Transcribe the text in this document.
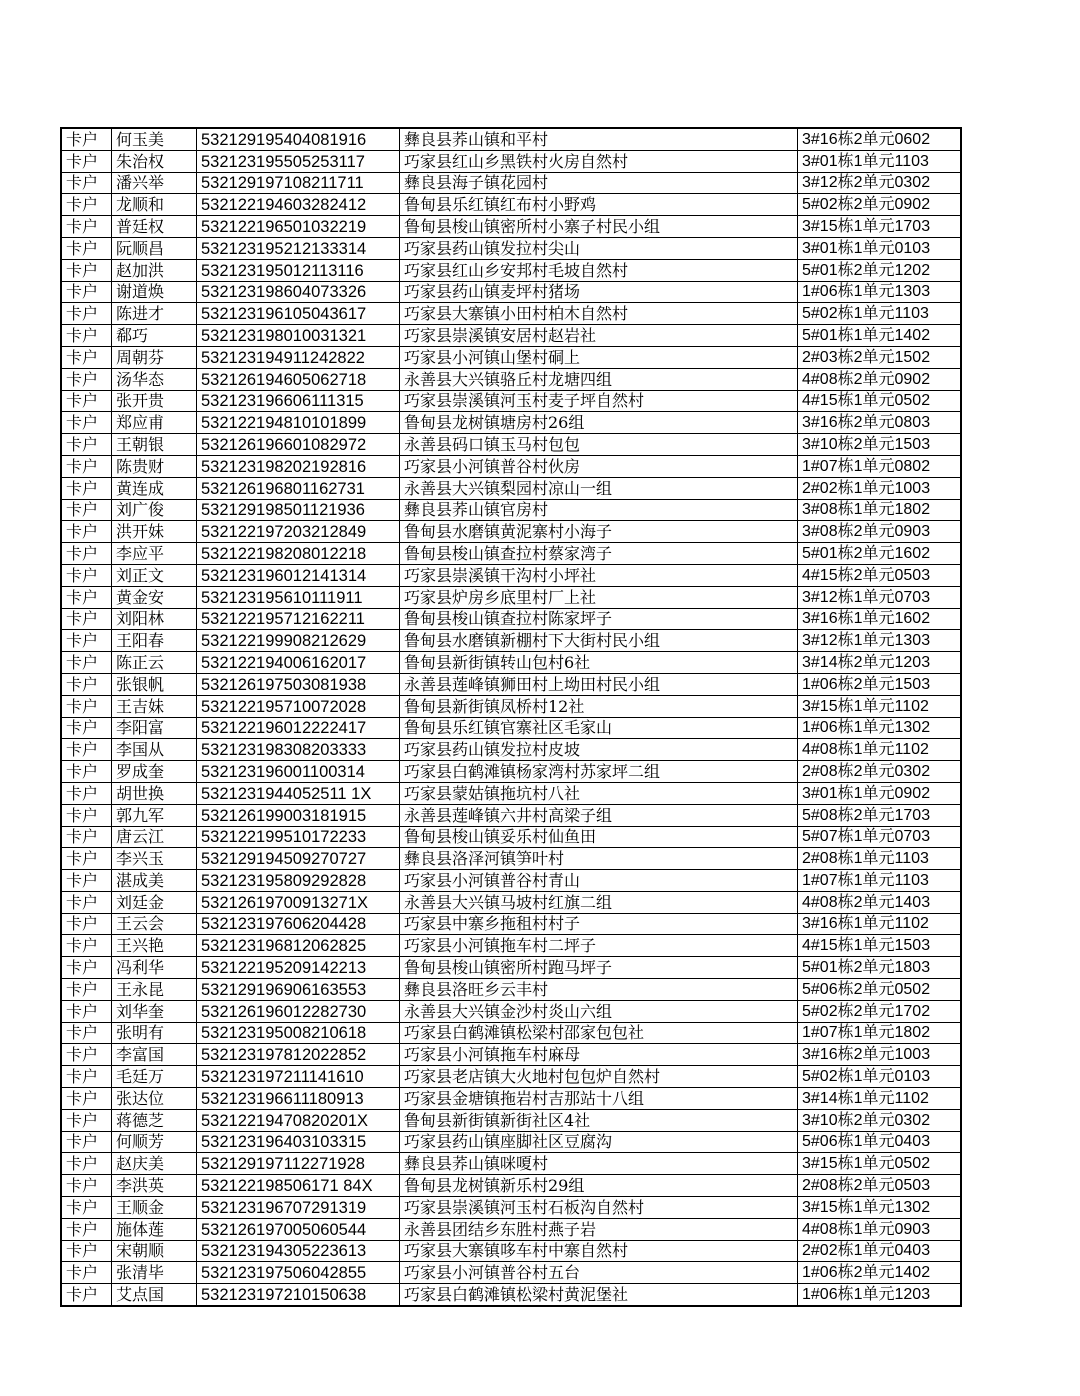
卡户	何玉美	532129195404081916	彝良县荞山镇和平村	3#16栋2单元0602
卡户	朱治权	532123195505253117	巧家县红山乡黑铁村火房自然村	3#01栋1单元1103
卡户	潘兴举	532129197108211711	彝良县海子镇花园村	3#12栋2单元0302
卡户	龙顺和	532122194603282412	鲁甸县乐红镇红布村小野鸡	5#02栋2单元0902
卡户	普廷权	532122196501032219	鲁甸县梭山镇密所村小寨子村民小组	3#15栋1单元1703
卡户	阮顺昌	532123195212133314	巧家县药山镇发拉村尖山	3#01栋1单元0103
卡户	赵加洪	532123195012113116	巧家县红山乡安邦村毛坡自然村	5#01栋2单元1202
卡户	谢道焕	532123198604073326	巧家县药山镇麦坪村猪场	1#06栋1单元1303
卡户	陈进才	532123196105043617	巧家县大寨镇小田村柏木自然村	5#02栋1单元1103
卡户	郗巧	532123198010031321	巧家县崇溪镇安居村赵岩社	5#01栋1单元1402
卡户	周朝芬	532123194911242822	巧家县小河镇山堡村硐上	2#03栋2单元1502
卡户	汤华态	532126194605062718	永善县大兴镇骆丘村龙塘四组	4#08栋2单元0902
卡户	张开贵	532123196606111315	巧家县崇溪镇河玉村麦子坪自然村	4#15栋1单元0502
卡户	郑应甫	532122194810101899	鲁甸县龙树镇塘房村26组	3#16栋2单元0803
卡户	王朝银	532126196601082972	永善县码口镇玉马村包包	3#10栋2单元1503
卡户	陈贵财	532123198202192816	巧家县小河镇普谷村伙房	1#07栋1单元0802
卡户	黄连成	532126196801162731	永善县大兴镇梨园村凉山一组	2#02栋1单元1003
卡户	刘广俊	532129198501121936	彝良县荞山镇官房村	3#08栋1单元1802
卡户	洪开妹	532122197203212849	鲁甸县水磨镇黄泥寨村小海子	3#08栋2单元0903
卡户	李应平	532122198208012218	鲁甸县梭山镇查拉村蔡家湾子	5#01栋2单元1602
卡户	刘正文	532123196012141314	巧家县崇溪镇干沟村小坪社	4#15栋2单元0503
卡户	黄金安	532123195610111911	巧家县炉房乡底里村厂上社	3#12栋1单元0703
卡户	刘阳林	532122195712162211	鲁甸县梭山镇查拉村陈家坪子	3#16栋1单元1602
卡户	王阳春	532122199908212629	鲁甸县水磨镇新棚村下大街村民小组	3#12栋1单元1303
卡户	陈正云	532122194006162017	鲁甸县新街镇转山包村6社	3#14栋2单元1203
卡户	张银帆	532126197503081938	永善县莲峰镇狮田村上坳田村民小组	1#06栋2单元1503
卡户	王吉妹	532122195710072028	鲁甸县新街镇凤桥村12社	3#15栋1单元1102
卡户	李阳富	532122196012222417	鲁甸县乐红镇官寨社区毛家山	1#06栋1单元1302
卡户	李国从	532123198308203333	巧家县药山镇发拉村皮坡	4#08栋1单元1102
卡户	罗成奎	532123196001100314	巧家县白鹤滩镇杨家湾村苏家坪二组	2#08栋2单元0302
卡户	胡世换	5321231944052511 1X	巧家县蒙姑镇拖坑村八社	3#01栋1单元0902
卡户	郭九军	532126199003181915	永善县莲峰镇六井村高梁子组	5#08栋2单元1703
卡户	唐云江	532122199510172233	鲁甸县梭山镇妥乐村仙鱼田	5#07栋1单元0703
卡户	李兴玉	532129194509270727	彝良县洛泽河镇笋叶村	2#08栋1单元1103
卡户	湛成美	532123195809292828	巧家县小河镇普谷村青山	1#07栋1单元1103
卡户	刘廷金	53212619700913271X	永善县大兴镇马坡村红旗二组	4#08栋2单元1403
卡户	王云会	532123197606204428	巧家县中寨乡拖租村村子	3#16栋1单元1102
卡户	王兴艳	532123196812062825	巧家县小河镇拖车村二坪子	4#15栋1单元1503
卡户	冯利华	532122195209142213	鲁甸县梭山镇密所村跑马坪子	5#01栋2单元1803
卡户	王永昆	532129196906163553	彝良县洛旺乡云丰村	5#06栋2单元0502
卡户	刘华奎	532126196012282730	永善县大兴镇金沙村炎山六组	5#02栋2单元1702
卡户	张明有	532123195008210618	巧家县白鹤滩镇松梁村邵家包包社	1#07栋1单元1802
卡户	李富国	532123197812022852	巧家县小河镇拖车村麻母	3#16栋2单元1003
卡户	毛廷万	532123197211141610	巧家县老店镇大火地村包包炉自然村	5#02栋1单元0103
卡户	张达位	532123196611180913	巧家县金塘镇拖岩村吉那站十八组	3#14栋1单元1102
卡户	蒋德芝	53212219470820201X	鲁甸县新街镇新街社区4社	3#10栋2单元0302
卡户	何顺芳	532123196403103315	巧家县药山镇座脚社区豆腐沟	5#06栋1单元0403
卡户	赵庆美	532129197112271928	彝良县荞山镇咪嗄村	3#15栋1单元0502
卡户	李洪英	532122198506171 84X	鲁甸县龙树镇新乐村29组	2#08栋2单元0503
卡户	王顺金	532123196707291319	巧家县崇溪镇河玉村石板沟自然村	3#15栋1单元1302
卡户	施体莲	532126197005060544	永善县团结乡东胜村燕子岩	4#08栋1单元0903
卡户	宋朝顺	532123194305223613	巧家县大寨镇哆车村中寨自然村	2#02栋1单元0403
卡户	张清毕	532123197506042855	巧家县小河镇普谷村五台	1#06栋2单元1402
卡户	艾点国	532123197210150638	巧家县白鹤滩镇松梁村黄泥堡社	1#06栋1单元1203
